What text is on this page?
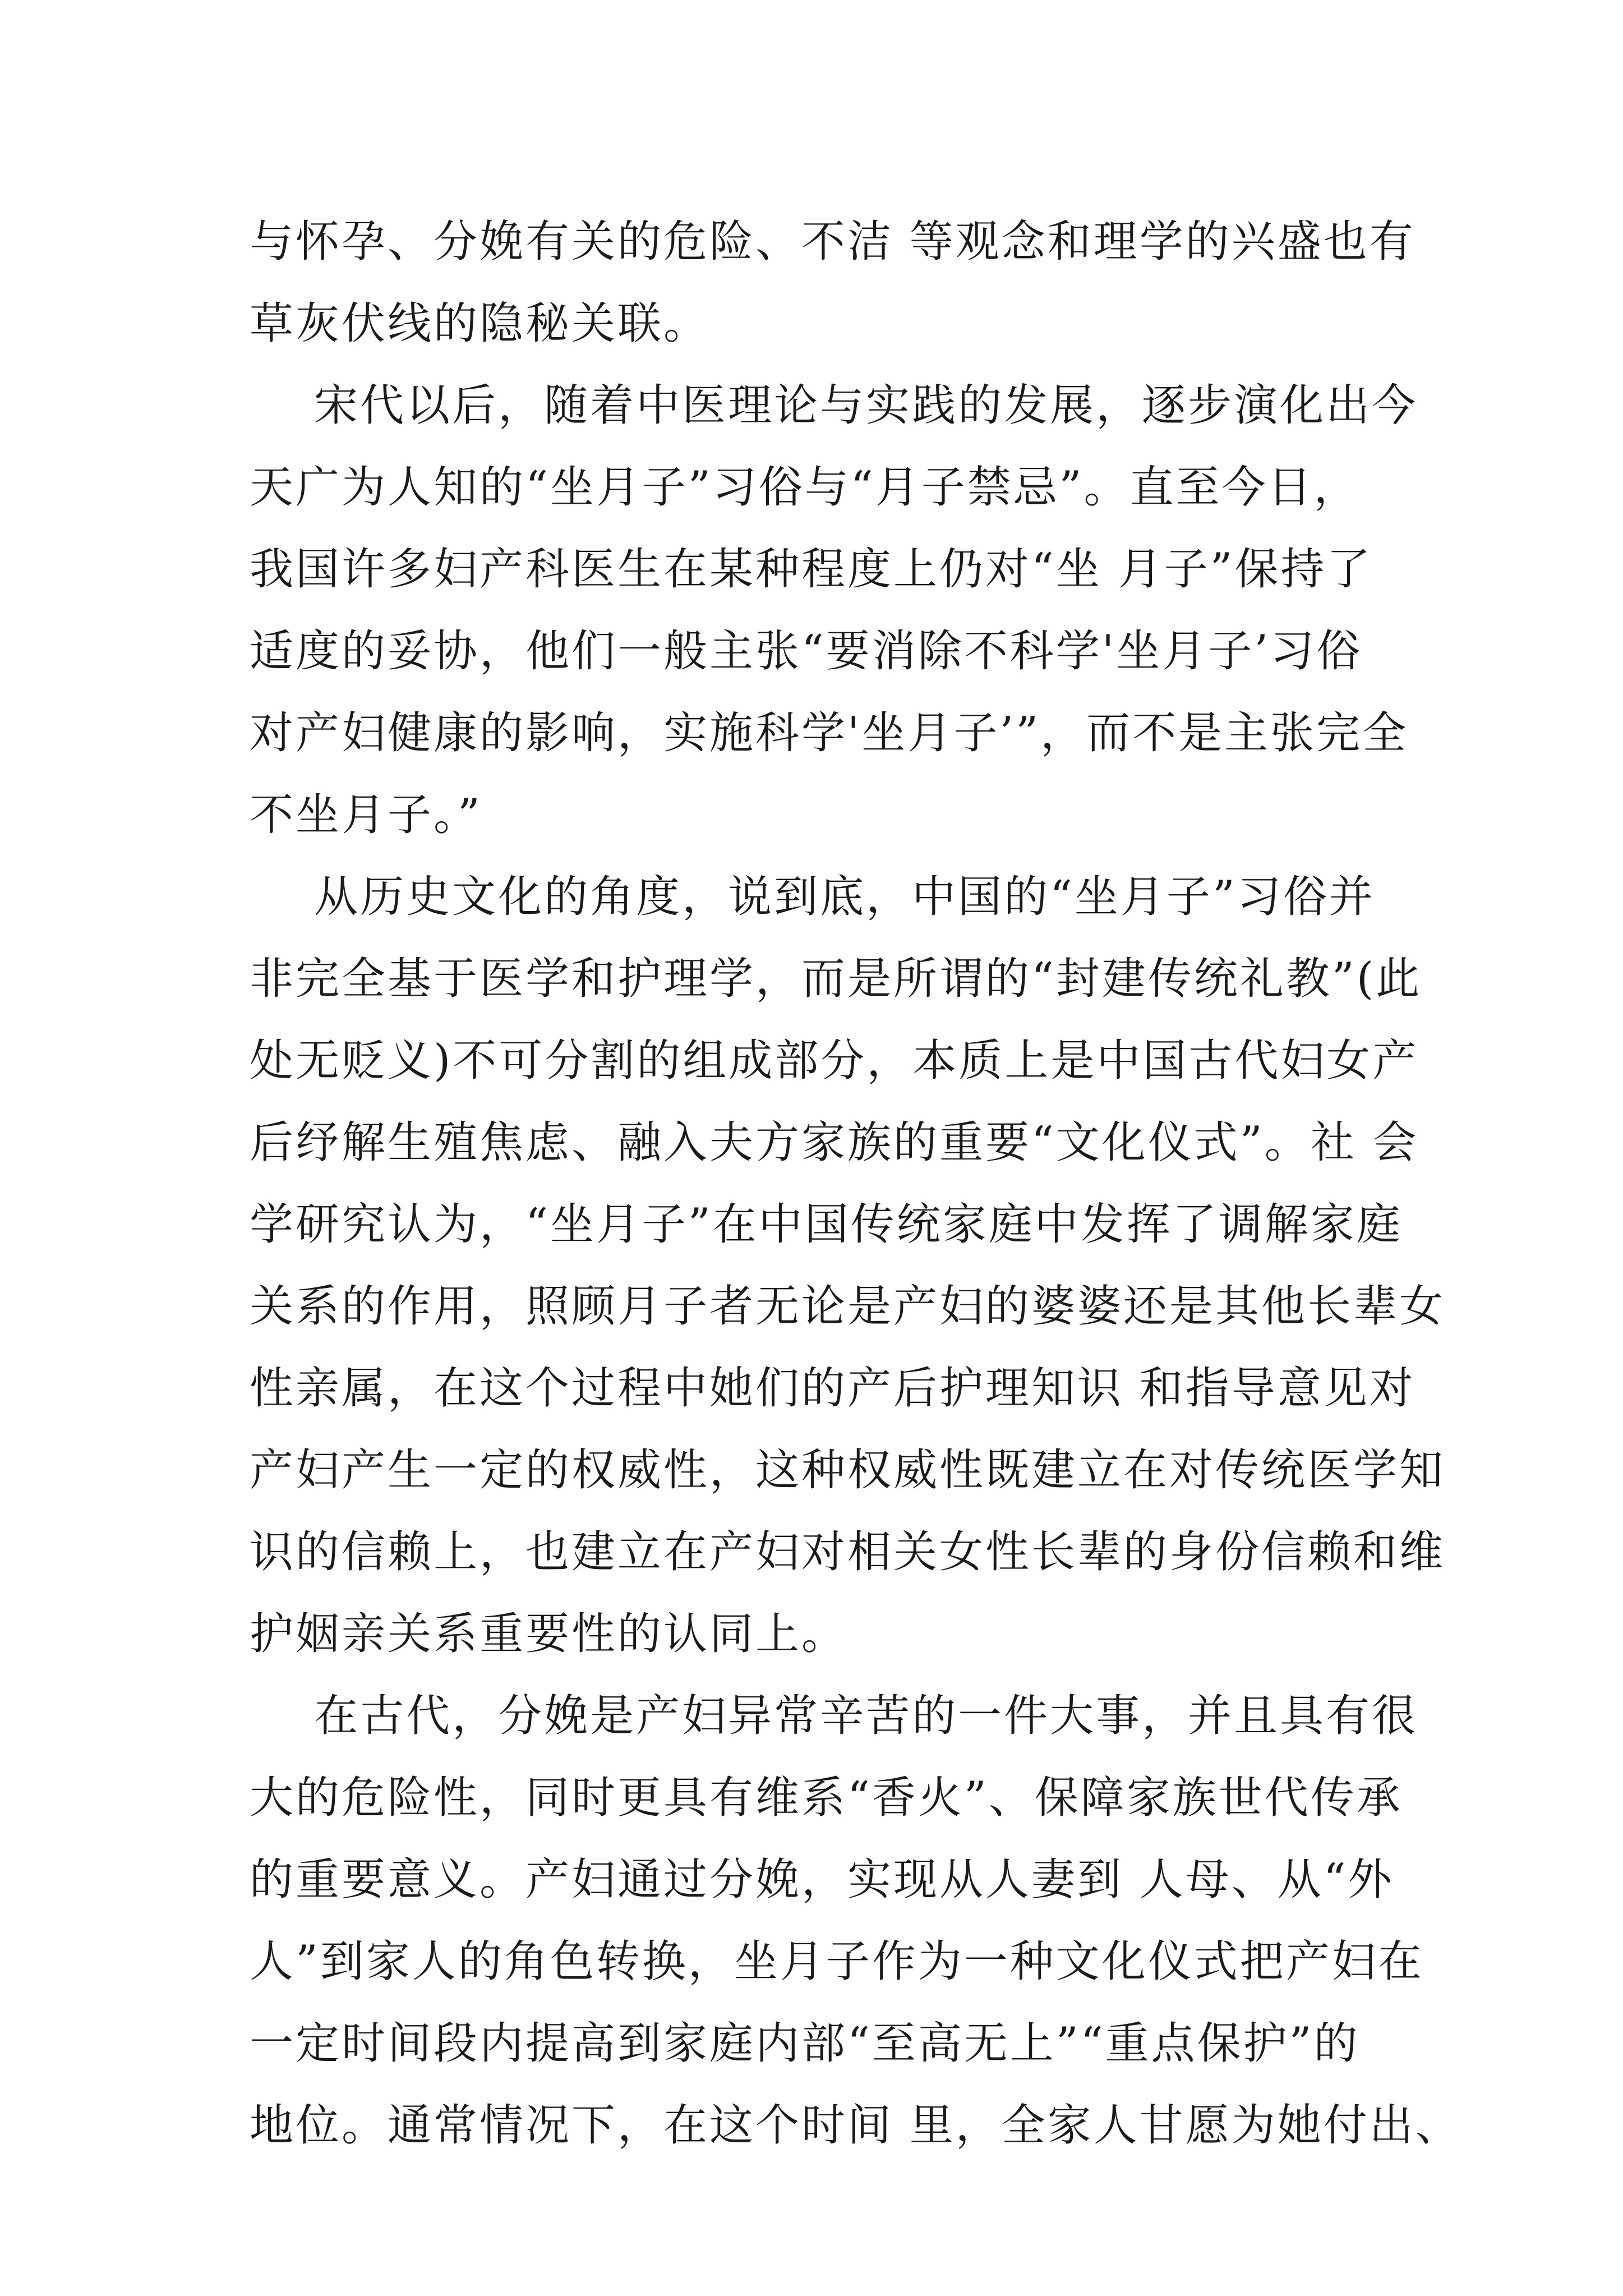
与怀孕、分娩有关的危险、不洁 等观念和理学的兴盛也有
草灰伏线的隐秘关联。
宋代以后，随着中医理论与实践的发展，逐步演化出今
天广为人知的“坐月子”习俗与“月子禁忌”。直至今日，
我国许多妇产科医生在某种程度上仍对“坐 月子”保持了
适度的妥协，他们一般主张“要消除不科学'坐月子’习俗
对产妇健康的影响，实施科学'坐月子’”，而不是主张完全
不坐月子。”
从历史文化的角度，说到底，中国的“坐月子”习俗并
非完全基于医学和护理学，而是所谓的“封建传统礼教”(此
处无贬义)不可分割的组成部分，本质上是中国古代妇女产
后纾解生殖焦虑、融入夫方家族的重要“文化仪式”。社 会
学研究认为，“坐月子”在中国传统家庭中发挥了调解家庭
关系的作用，照顾月子者无论是产妇的婆婆还是其他长辈女
性亲属，在这个过程中她们的产后护理知识 和指导意见对
产妇产生一定的权威性，这种权威性既建立在对传统医学知
识的信赖上，也建立在产妇对相关女性长辈的身份信赖和维
护姻亲关系重要性的认同上。
在古代，分娩是产妇异常辛苦的一件大事，并且具有很
大的危险性，同时更具有维系“香火”、保障家族世代传承
的重要意义。产妇通过分娩，实现从人妻到 人母、从“外
人”到家人的角色转换，坐月子作为一种文化仪式把产妇在
一定时间段内提高到家庭内部“至高无上”“重点保护”的
地位。通常情况下，在这个时间 里，全家人甘愿为她付出、
